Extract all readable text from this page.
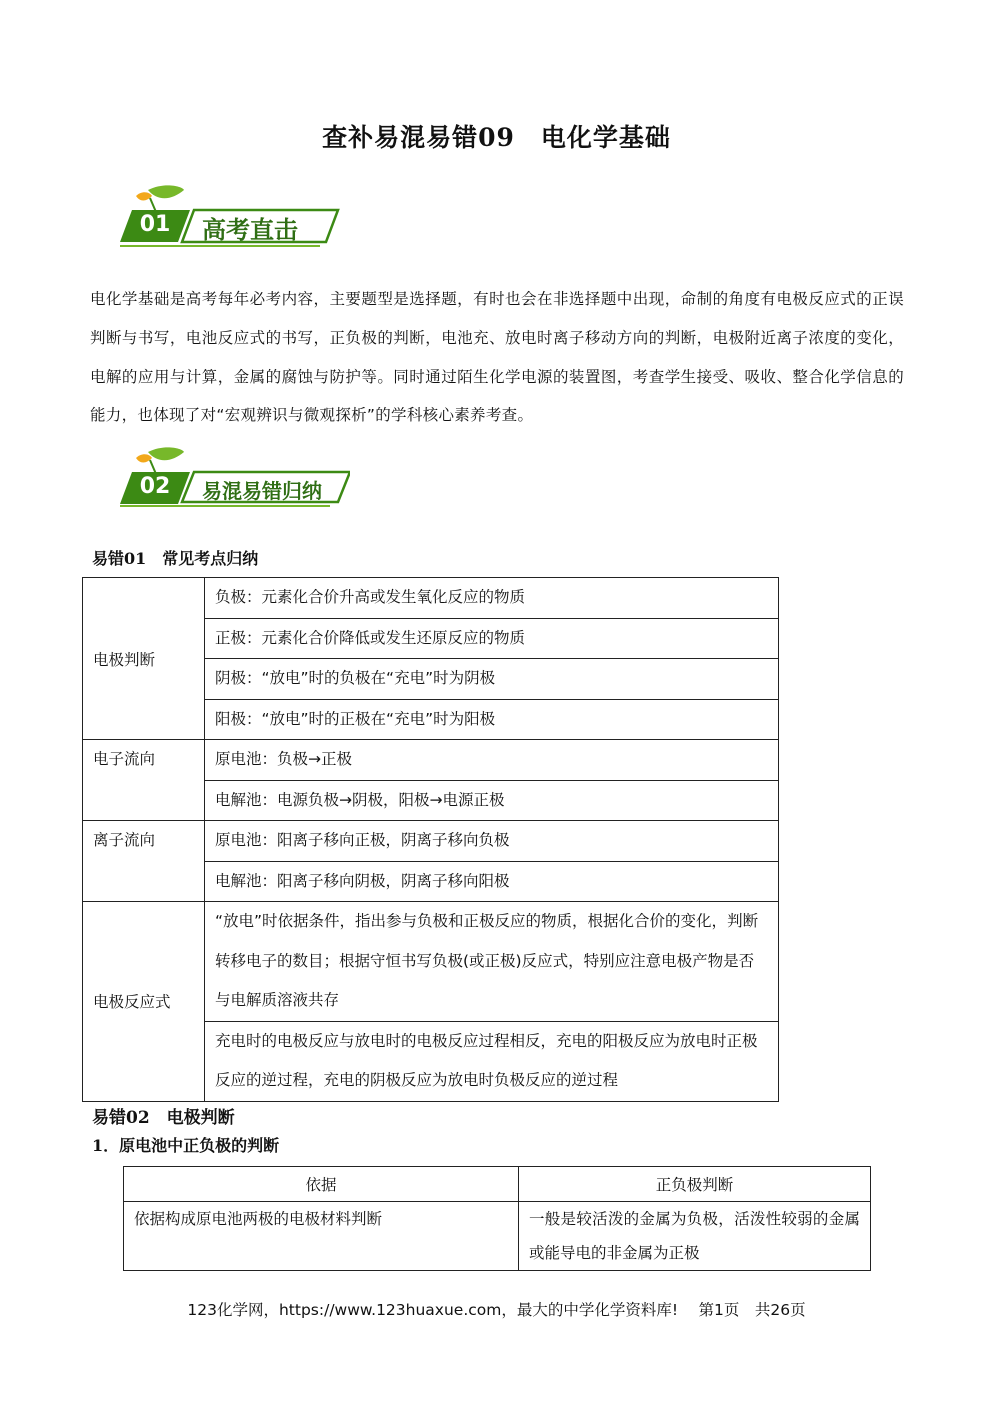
查补易混易错09　电化学基础
01	高考直击

电化学基础是高考每年必考内容，主要题型是选择题，有时也会在非选择题中出现，命制的角度有电极反应式的正误判断与书写，电池反应式的书写，正负极的判断，电池充、放电时离子移动方向的判断，电极附近离子浓度的变化，电解的应用与计算，金属的腐蚀与防护等。同时通过陌生化学电源的装置图，考查学生接受、吸收、整合化学信息的能力，也体现了对“宏观辨识与微观探析”的学科核心素养考查。

02	易混易错归纳
易错01　常见考点归纳
电极判断	负极：元素化合价升高或发生氧化反应的物质
	正极：元素化合价降低或发生还原反应的物质
	阴极：“放电”时的负极在“充电”时为阴极
	阳极：“放电”时的正极在“充电”时为阳极
电子流向	原电池：负极→正极
	电解池：电源负极→阴极，阳极→电源正极
离子流向	原电池：阳离子移向正极，阴离子移向负极
	电解池：阳离子移向阴极，阴离子移向阳极
电极反应式	“放电”时依据条件，指出参与负极和正极反应的物质，根据化合价的变化，判断转移电子的数目；根据守恒书写负极(或正极)反应式，特别应注意电极产物是否与电解质溶液共存
	充电时的电极反应与放电时的电极反应过程相反，充电的阳极反应为放电时正极反应的逆过程，充电的阴极反应为放电时负极反应的逆过程
易错02　电极判断
1．原电池中正负极的判断
依据	正负极判断
依据构成原电池两极的电极材料判断	一般是较活泼的金属为负极，活泼性较弱的金属或能导电的非金属为正极
123化学网，https://www.123huaxue.com，最大的中学化学资料库!　 第1页　共26页
